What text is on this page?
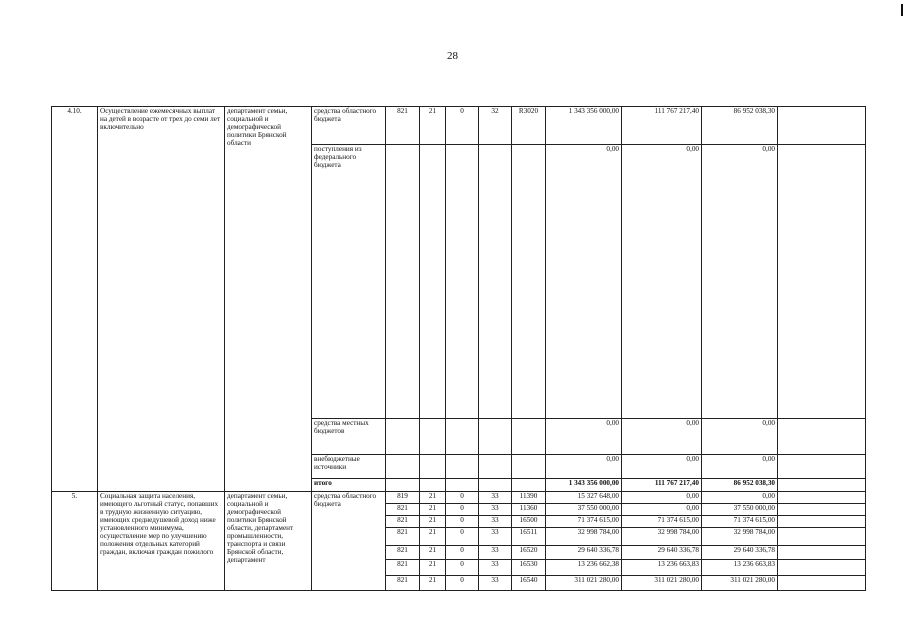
28
4.10.	Осуществление ежемесячных выплат на детей в возрасте от трех до семи лет включительно	департамент семьи, социальной и демографической политики Брянской области	средства областного бюджета	821	21	0	32	R3020	1 343 356 000,00	111 767 217,40	86 952 038,30	
			поступления из федерального бюджета						0,00	0,00	0,00	
			средства местных бюджетов						0,00	0,00	0,00	
			внебюджетные источники						0,00	0,00	0,00	
			итого						1 343 356 000,00	111 767 217,40	86 952 038,30	
5.	Социальная защита населения, имеющего льготный статус, попавших в трудную жизненную ситуацию, имеющих среднедушевой доход ниже установленного минимума, осуществление мер по улучшению положения отдельных категорий граждан, включая граждан пожилого	департамент семьи, социальной и демографической политики Брянской области, департамент промышленности, транспорта и связи Брянской области, департамент	средства областного бюджета	819	21	0	33	11390	15 327 648,00	0,00	0,00	
				821	21	0	33	11360	37 550 000,00	0,00	37 550 000,00	
				821	21	0	33	16500	71 374 615,00	71 374 615,00	71 374 615,00	
				821	21	0	33	16511	32 998 784,00	32 998 784,00	32 998 784,00	
				821	21	0	33	16520	29 640 336,78	29 640 336,78	29 640 336,78	
				821	21	0	33	16530	13 236 662,38	13 236 663,83	13 236 663,83	
				821	21	0	33	16540	311 021 280,00	311 021 280,00	311 021 280,00	
